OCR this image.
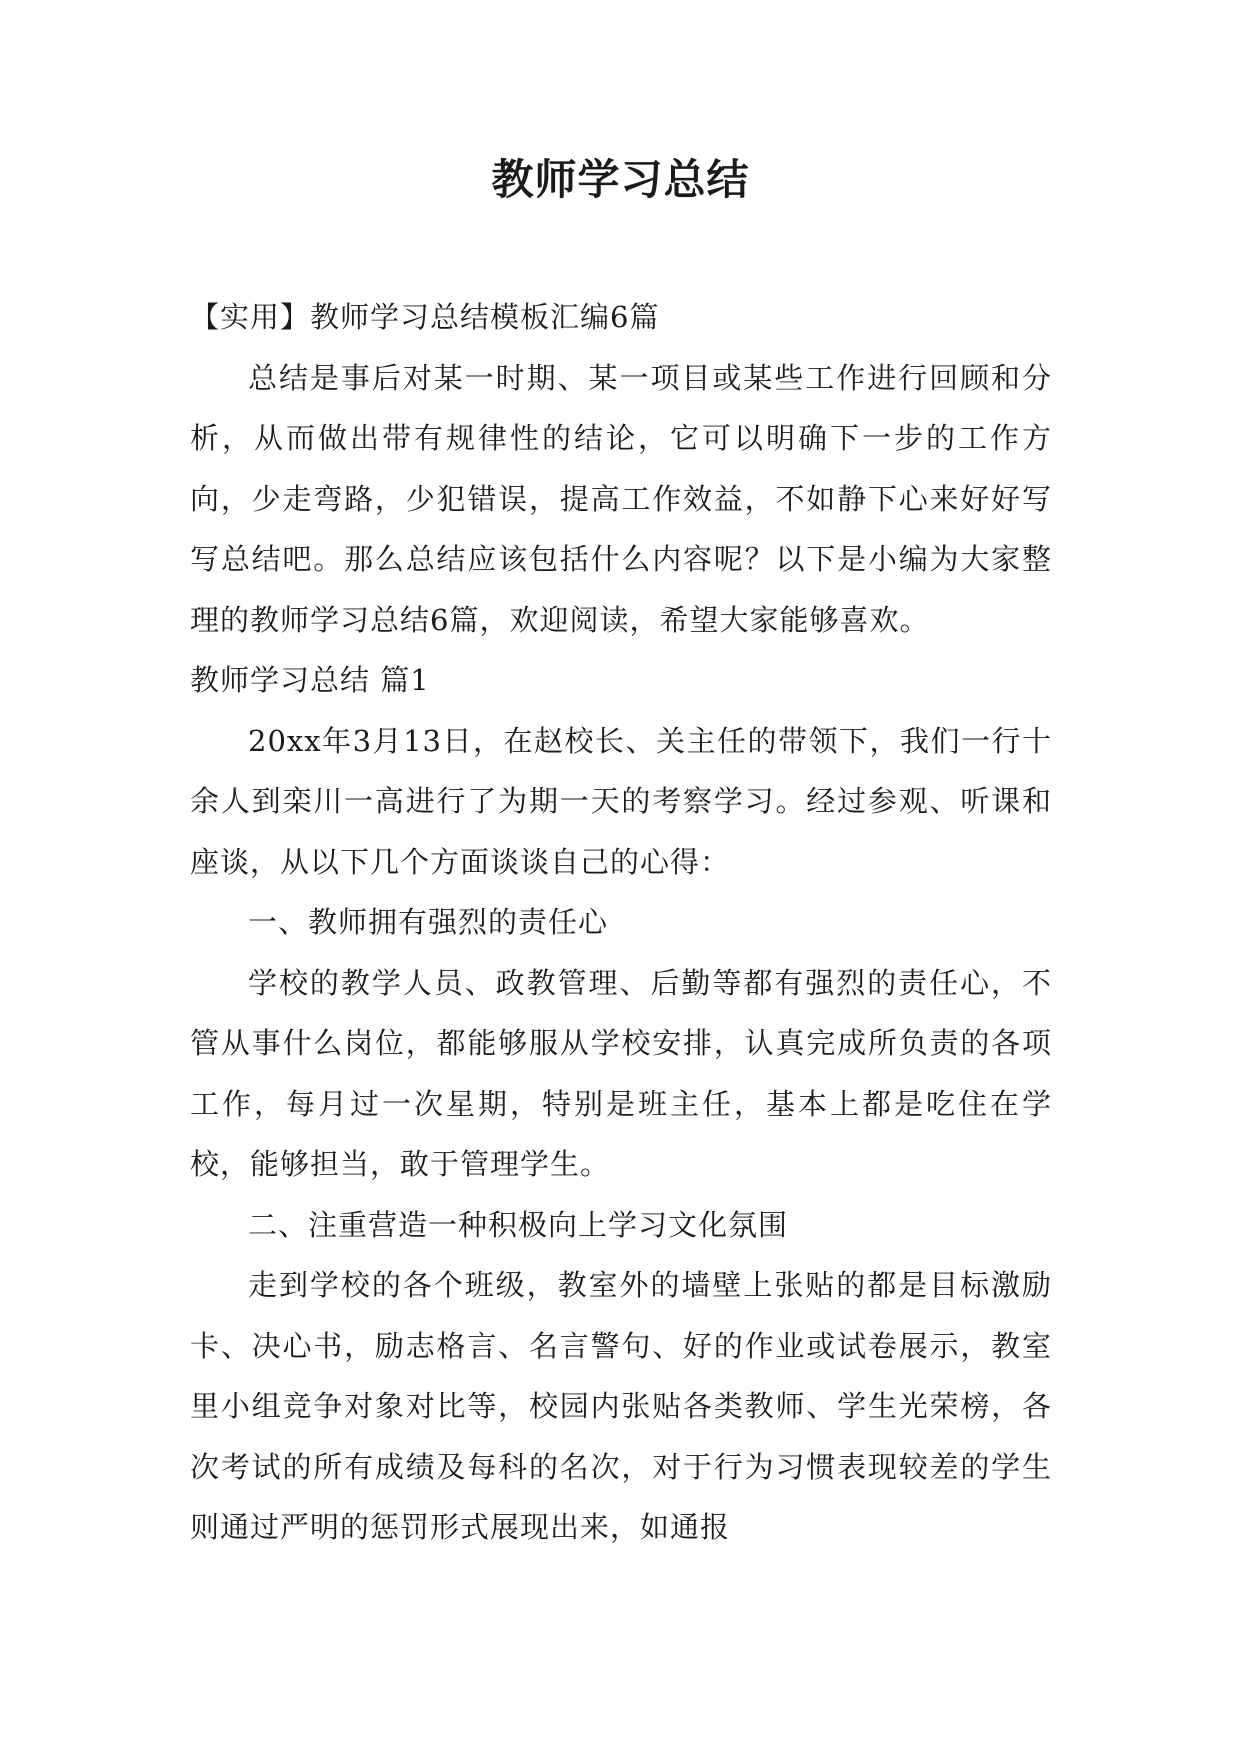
教师学习总结

【实用】教师学习总结模板汇编6篇

总结是事后对某一时期、某一项目或某些工作进行回顾和分析，从而做出带有规律性的结论，它可以明确下一步的工作方向，少走弯路，少犯错误，提高工作效益，不如静下心来好好写写总结吧。那么总结应该包括什么内容呢？以下是小编为大家整理的教师学习总结6篇，欢迎阅读，希望大家能够喜欢。

教师学习总结 篇1

20xx年3月13日，在赵校长、关主任的带领下，我们一行十余人到栾川一高进行了为期一天的考察学习。经过参观、听课和座谈，从以下几个方面谈谈自己的心得：

一、教师拥有强烈的责任心

学校的教学人员、政教管理、后勤等都有强烈的责任心，不管从事什么岗位，都能够服从学校安排，认真完成所负责的各项工作，每月过一次星期，特别是班主任，基本上都是吃住在学校，能够担当，敢于管理学生。

二、注重营造一种积极向上学习文化氛围

走到学校的各个班级，教室外的墙壁上张贴的都是目标激励卡、决心书，励志格言、名言警句、好的作业或试卷展示，教室里小组竞争对象对比等，校园内张贴各类教师、学生光荣榜，各次考试的所有成绩及每科的名次，对于行为习惯表现较差的学生则通过严明的惩罚形式展现出来，如通报
